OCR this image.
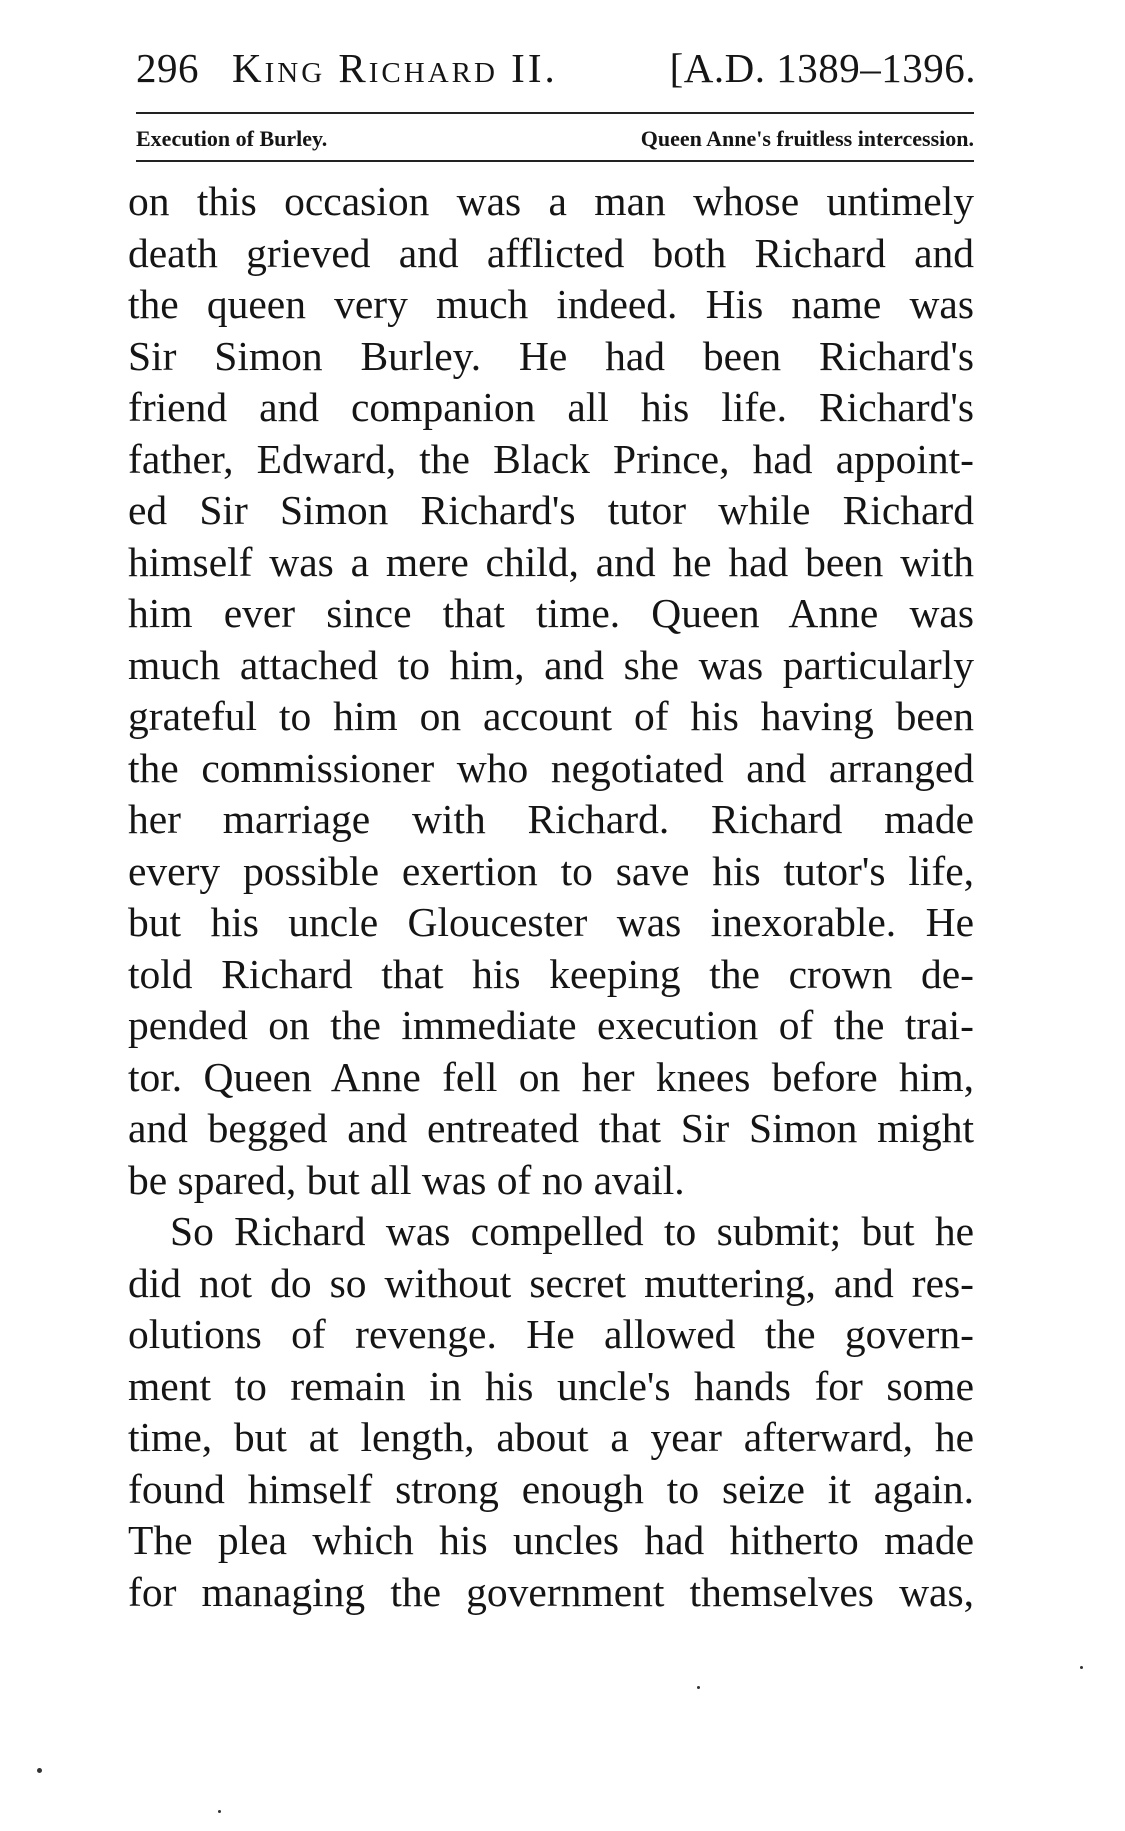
296 King Richard II.	[A.D. 1389–1396.
Execution of Burley.	Queen Anne's fruitless intercession.
on this occasion was a man whose untimely
death grieved and afflicted both Richard and
the queen very much indeed. His name was
Sir Simon Burley. He had been Richard's
friend and companion all his life. Richard's
father, Edward, the Black Prince, had appoint-
ed Sir Simon Richard's tutor while Richard
himself was a mere child, and he had been with
him ever since that time. Queen Anne was
much attached to him, and she was particularly
grateful to him on account of his having been
the commissioner who negotiated and arranged
her marriage with Richard. Richard made
every possible exertion to save his tutor's life,
but his uncle Gloucester was inexorable. He
told Richard that his keeping the crown de-
pended on the immediate execution of the trai-
tor. Queen Anne fell on her knees before him,
and begged and entreated that Sir Simon might
be spared, but all was of no avail.
So Richard was compelled to submit; but he
did not do so without secret muttering, and res-
olutions of revenge. He allowed the govern-
ment to remain in his uncle's hands for some
time, but at length, about a year afterward, he
found himself strong enough to seize it again.
The plea which his uncles had hitherto made
for managing the government themselves was,
